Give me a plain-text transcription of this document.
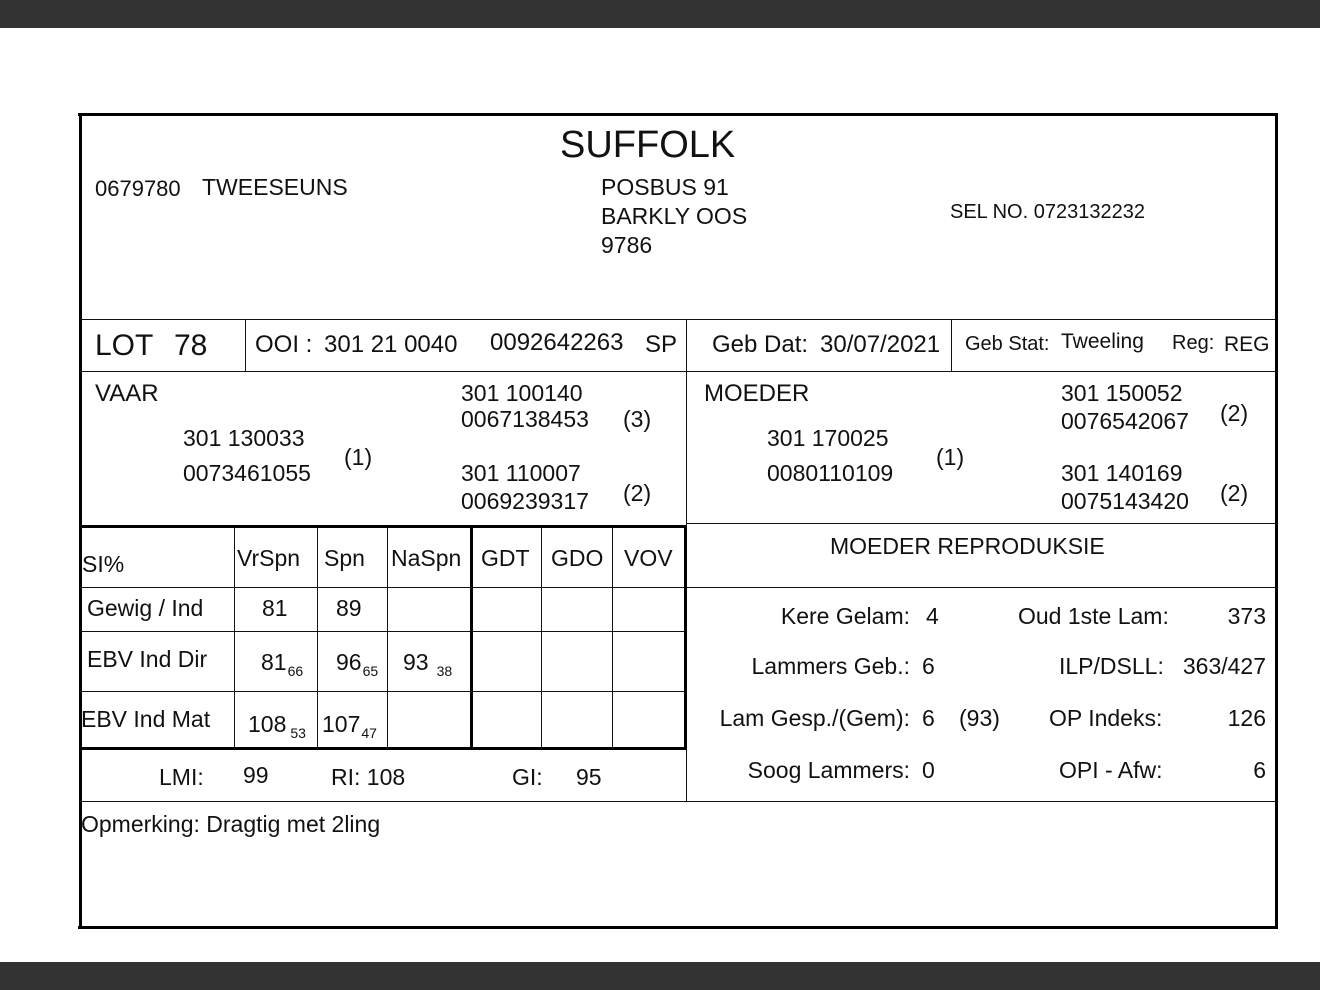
SUFFOLK
0679780 TWEESEUNS	POSBUS 91
BARKLY OOS
9786
SEL NO. 0723132232
LOT 78 OOI : 301 21 0040 0092642263 SP Geb Dat: 30/07/2021 Geb Stat: Tweeling Reg: REG
VAAR
301 130033
0073461055
(1)
301 100140
0067138453 (3)
301 110007
0069239317 (2)
MOEDER
301 170025
0080110109
(1)
301 150052
0076542067 (2)
301 140169
0075143420 (2)
SI%	VrSpn Spn NaSpn GDT GDO VOV
Gewig / Ind	81 89
EBV Ind Dir $81_{66}$ $96_{65}$ 93 $_{38}$
EBV Ind Mat 108 $_{53}$ $107_{47}$
LMI: 99	RI: 108	GI: 95
MOEDER REPRODUKSIE
Kere Gelam: 4	Oud 1ste Lam:	373
Lammers Geb.: 6	ILP/DSLL: 363/427
Lam Gesp./(Gem): 6 (93) OP Indeks:	126
Soog Lammers: 0	OPI - Afw:	6
Opmerking: Dragtig met 2ling
